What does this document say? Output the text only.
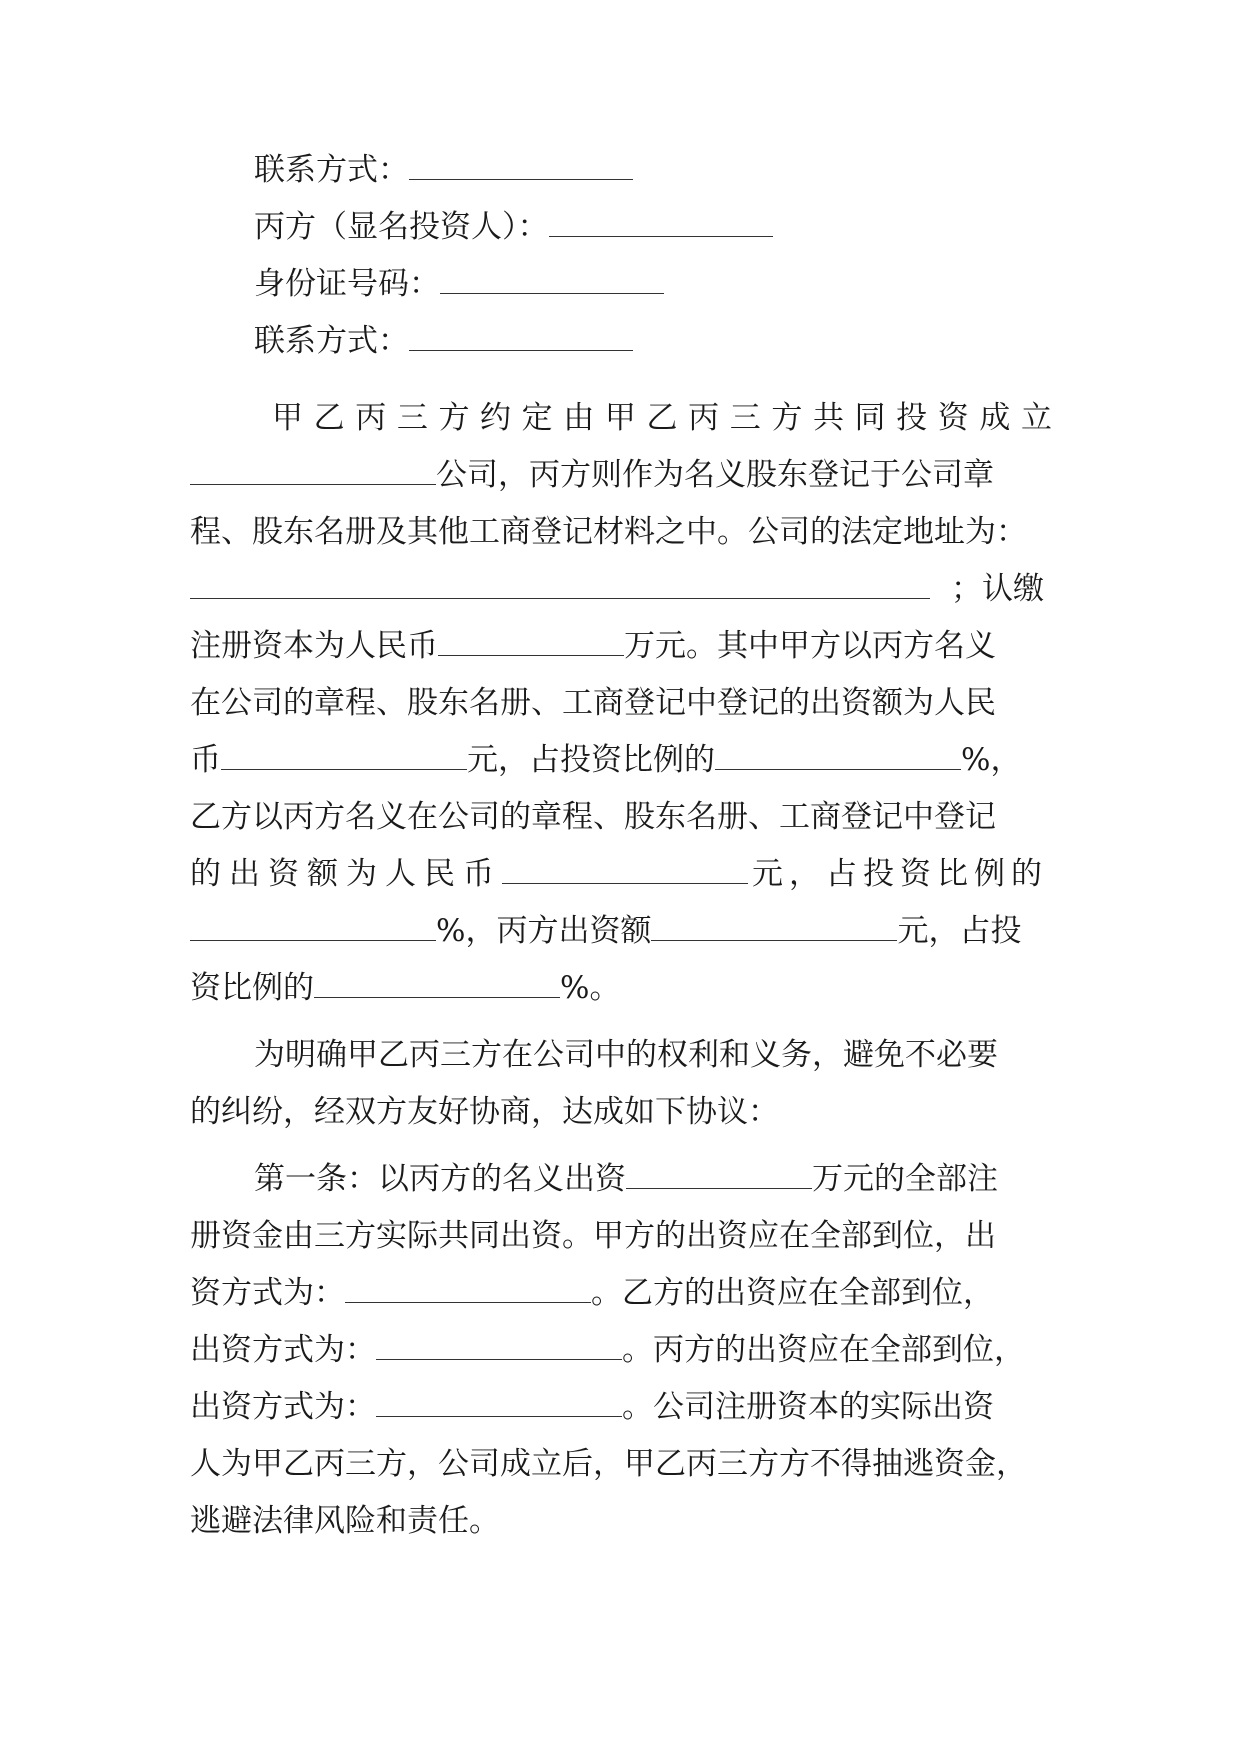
联系方式：
丙方（显名投资人）：
身份证号码：
联系方式：
甲乙丙三方约定由甲乙丙三方共同投资成立
公司，丙方则作为名义股东登记于公司章
程、股东名册及其他工商登记材料之中。公司的法定地址为：
；认缴
注册资本为人民币	万元。其中甲方以丙方名义
在公司的章程、股东名册、工商登记中登记的出资额为人民
币	元，占投资比例的	%，
乙方以丙方名义在公司的章程、股东名册、工商登记中登记
的出资额为人民币	元，占投资比例的
%，丙方出资额	元，占投
资比例的	%。
为明确甲乙丙三方在公司中的权利和义务，避免不必要
的纠纷，经双方友好协商，达成如下协议：
第一条：以丙方的名义出资	万元的全部注
册资金由三方实际共同出资。甲方的出资应在全部到位，出
资方式为：	。乙方的出资应在全部到位，
出资方式为：	。丙方的出资应在全部到位，
出资方式为：	。公司注册资本的实际出资
人为甲乙丙三方，公司成立后，甲乙丙三方方不得抽逃资金，
逃避法律风险和责任。
